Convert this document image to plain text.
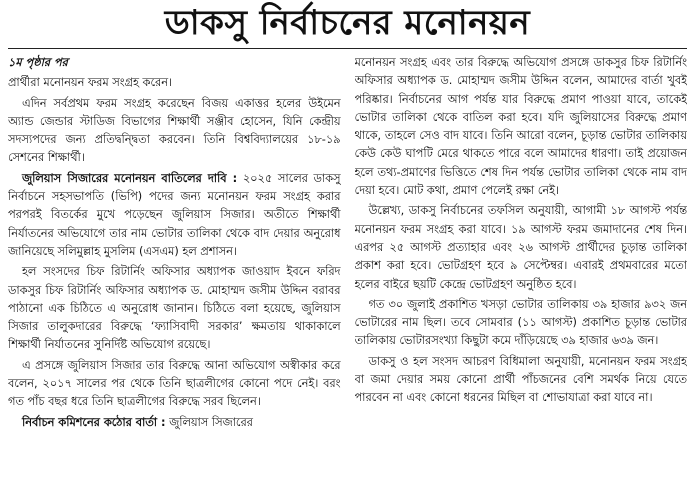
ডাকসু নির্বাচনের মনোনয়ন

১ম পৃষ্ঠার পর

প্রার্থীরা মনোনয়ন ফরম সংগ্রহ করেন।

এদিন সর্বপ্রথম ফরম সংগ্রহ করেছেন বিজয় একাত্তর হলের উইমেন অ্যান্ড জেন্ডার স্টাডিজ বিভাগের শিক্ষার্থী সঞ্জীব হোসেন, যিনি কেন্দ্রীয় সদস্যপদের জন্য প্রতিদ্বন্দ্বিতা করবেন। তিনি বিশ্ববিদ্যালয়ের ১৮-১৯ সেশনের শিক্ষার্থী।

জুলিয়াস সিজারের মনোনয়ন বাতিলের দাবি : ২০২৫ সালের ডাকসু নির্বাচনে সহসভাপতি (ভিপি) পদের জন্য মনোনয়ন ফরম সংগ্রহ করার পরপরই বিতর্কের মুখে পড়েছেন জুলিয়াস সিজার। অতীতে শিক্ষার্থী নির্যাতনের অভিযোগে তার নাম ভোটার তালিকা থেকে বাদ দেয়ার অনুরোধ জানিয়েছে সলিমুল্লাহ মুসলিম (এসএম) হল প্রশাসন।

হল সংসদের চিফ রিটার্নিং অফিসার অধ্যাপক জাওয়াদ ইবনে ফরিদ ডাকসুর চিফ রিটার্নিং অফিসার অধ্যাপক ড. মোহাম্মদ জসীম উদ্দিন বরাবর পাঠানো এক চিঠিতে এ অনুরোধ জানান। চিঠিতে বলা হয়েছে, জুলিয়াস সিজার তালুকদারের বিরুদ্ধে ‘ফ্যাসিবাদী সরকার’ ক্ষমতায় থাকাকালে শিক্ষার্থী নির্যাতনের সুনির্দিষ্ট অভিযোগ রয়েছে।

এ প্রসঙ্গে জুলিয়াস সিজার তার বিরুদ্ধে আনা অভিযোগ অস্বীকার করে বলেন, ২০১৭ সালের পর থেকে তিনি ছাত্রলীগের কোনো পদে নেই। বরং গত পাঁচ বছর ধরে তিনি ছাত্রলীগের বিরুদ্ধে সরব ছিলেন।

নির্বাচন কমিশনের কঠোর বার্তা : জুলিয়াস সিজারের

মনোনয়ন সংগ্রহ এবং তার বিরুদ্ধে অভিযোগ প্রসঙ্গে ডাকসুর চিফ রিটার্নিং অফিসার অধ্যাপক ড. মোহাম্মদ জসীম উদ্দিন বলেন, আমাদের বার্তা খুবই পরিষ্কার। নির্বাচনের আগ পর্যন্ত যার বিরুদ্ধে প্রমাণ পাওয়া যাবে, তাকেই ভোটার তালিকা থেকে বাতিল করা হবে। যদি জুলিয়াসের বিরুদ্ধে প্রমাণ থাকে, তাহলে সেও বাদ যাবে। তিনি আরো বলেন, চূড়ান্ত ভোটার তালিকায় কেউ কেউ ঘাপটি মেরে থাকতে পারে বলে আমাদের ধারণা। তাই প্রয়োজন হলে তথ্য-প্রমাণের ভিত্তিতে শেষ দিন পর্যন্ত ভোটার তালিকা থেকে নাম বাদ দেয়া হবে। মোট কথা, প্রমাণ পেলেই রক্ষা নেই।

উল্লেখ্য, ডাকসু নির্বাচনের তফসিল অনুযায়ী, আগামী ১৮ আগস্ট পর্যন্ত মনোনয়ন ফরম সংগ্রহ করা যাবে। ১৯ আগস্ট ফরম জমাদানের শেষ দিন। এরপর ২৫ আগস্ট প্রত্যাহার এবং ২৬ আগস্ট প্রার্থীদের চূড়ান্ত তালিকা প্রকাশ করা হবে। ভোটগ্রহণ হবে ৯ সেপ্টেম্বর। এবারই প্রথমবারের মতো হলের বাইরে ছয়টি কেন্দ্রে ভোটগ্রহণ অনুষ্ঠিত হবে।

গত ৩০ জুলাই প্রকাশিত খসড়া ভোটার তালিকায় ৩৯ হাজার ৯৩২ জন ভোটারের নাম ছিল। তবে সোমবার (১১ আগস্ট) প্রকাশিত চূড়ান্ত ভোটার তালিকায় ভোটারসংখ্যা কিছুটা কমে দাঁড়িয়েছে ৩৯ হাজার ৬৩৯ জন।

ডাকসু ও হল সংসদ আচরণ বিধিমালা অনুযায়ী, মনোনয়ন ফরম সংগ্রহ বা জমা দেয়ার সময় কোনো প্রার্থী পাঁচজনের বেশি সমর্থক নিয়ে যেতে পারবেন না এবং কোনো ধরনের মিছিল বা শোভাযাত্রা করা যাবে না।
